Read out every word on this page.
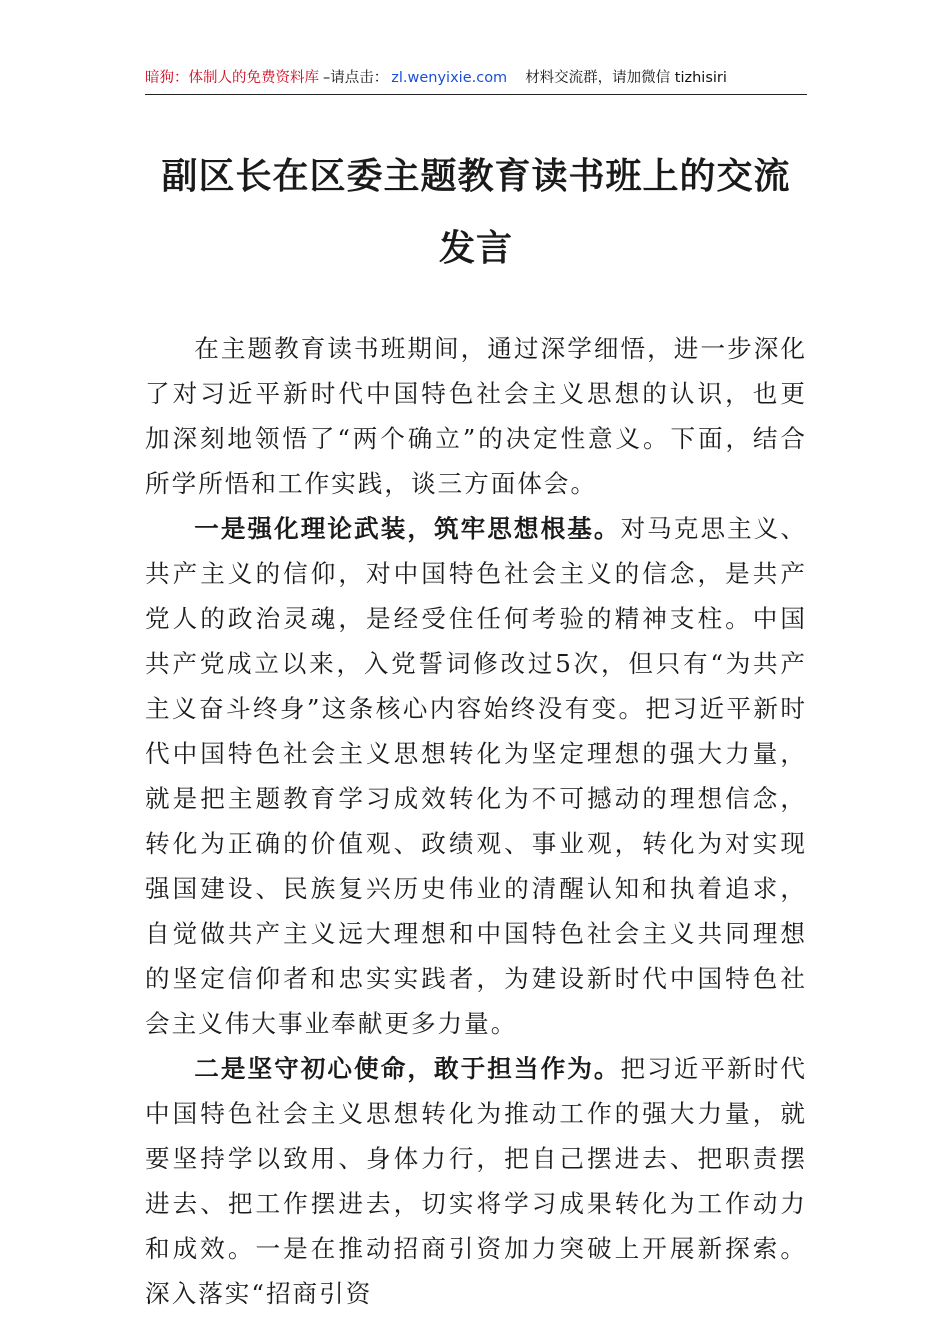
暗狗：体制人的免费资料库 –请点击： zl.wenyixie.com 材料交流群，请加微信 tizhisiri
副区长在区委主题教育读书班上的交流发言

在主题教育读书班期间，通过深学细悟，进一步深化了对习近平新时代中国特色社会主义思想的认识，也更加深刻地领悟了“两个确立”的决定性意义。下面，结合所学所悟和工作实践，谈三方面体会。

一是强化理论武装，筑牢思想根基。对马克思主义、共产主义的信仰，对中国特色社会主义的信念，是共产党人的政治灵魂，是经受住任何考验的精神支柱。中国共产党成立以来，入党誓词修改过5次，但只有“为共产主义奋斗终身”这条核心内容始终没有变。把习近平新时代中国特色社会主义思想转化为坚定理想的强大力量，就是把主题教育学习成效转化为不可撼动的理想信念，转化为正确的价值观、政绩观、事业观，转化为对实现强国建设、民族复兴历史伟业的清醒认知和执着追求，自觉做共产主义远大理想和中国特色社会主义共同理想的坚定信仰者和忠实实践者，为建设新时代中国特色社会主义伟大事业奉献更多力量。

二是坚守初心使命，敢于担当作为。把习近平新时代中国特色社会主义思想转化为推动工作的强大力量，就要坚持学以致用、身体力行，把自己摆进去、把职责摆进去、把工作摆进去，切实将学习成果转化为工作动力和成效。一是在推动招商引资加力突破上开展新探索。深入落实“招商引资
